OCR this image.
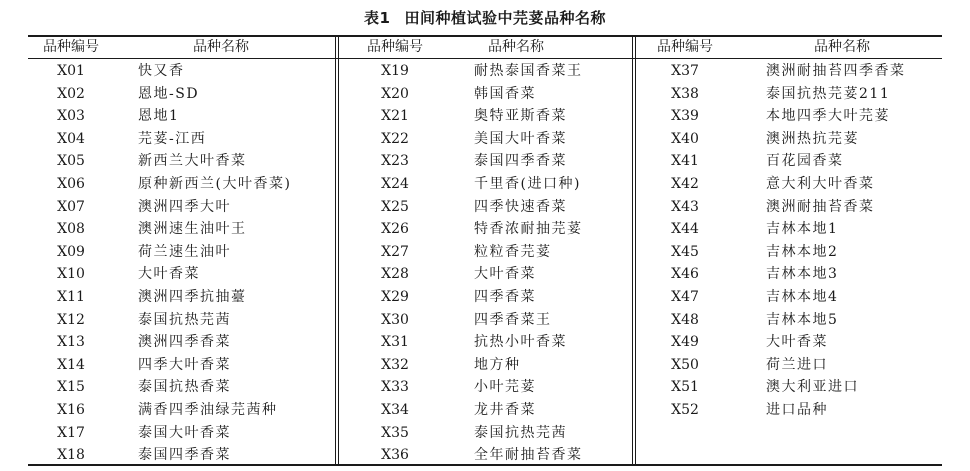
表1 田间种植试验中芫荽品种名称
品种编号	品种名称
X01	快又香
X02	恩地-SD
X03	恩地1
X04	芫荽-江西
X05	新西兰大叶香菜
X06	原种新西兰(大叶香菜)
X07	澳洲四季大叶
X08	澳洲速生油叶王
X09	荷兰速生油叶
X10	大叶香菜
X11	澳洲四季抗抽薹
X12	泰国抗热芫茜
X13	澳洲四季香菜
X14	四季大叶香菜
X15	泰国抗热香菜
X16	满香四季油绿芫茜种
X17	泰国大叶香菜
X18	泰国四季香菜
品种编号	品种名称
X19	耐热泰国香菜王
X20	韩国香菜
X21	奥特亚斯香菜
X22	美国大叶香菜
X23	泰国四季香菜
X24	千里香(进口种)
X25	四季快速香菜
X26	特香浓耐抽芫荽
X27	粒粒香芫荽
X28	大叶香菜
X29	四季香菜
X30	四季香菜王
X31	抗热小叶香菜
X32	地方种
X33	小叶芫荽
X34	龙井香菜
X35	泰国抗热芫茜
X36	全年耐抽苔香菜
品种编号	品种名称
X37	澳洲耐抽苔四季香菜
X38	泰国抗热芫荽211
X39	本地四季大叶芫荽
X40	澳洲热抗芫荽
X41	百花园香菜
X42	意大利大叶香菜
X43	澳洲耐抽苔香菜
X44	吉林本地1
X45	吉林本地2
X46	吉林本地3
X47	吉林本地4
X48	吉林本地5
X49	大叶香菜
X50	荷兰进口
X51	澳大利亚进口
X52	进口品种
